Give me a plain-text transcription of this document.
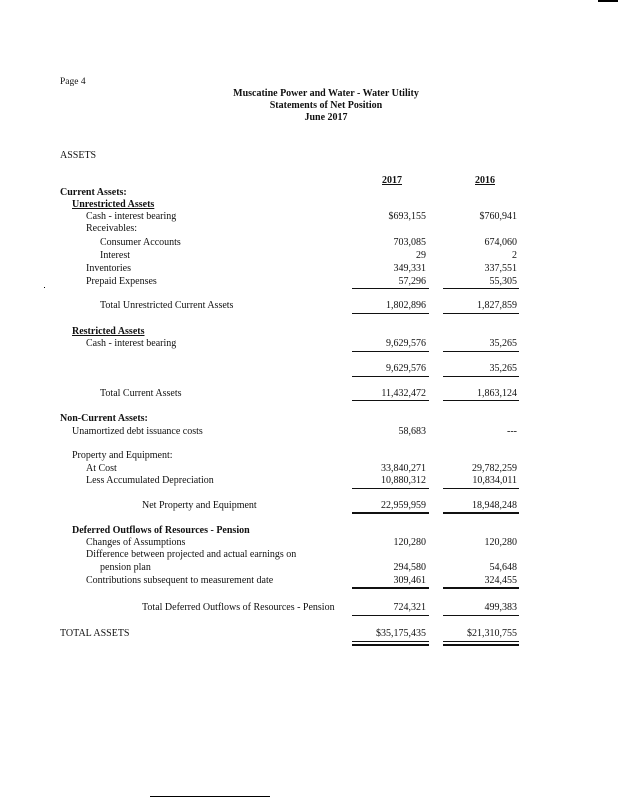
Page 4
Muscatine Power and Water - Water Utility
Statements of Net Position
June 2017
ASSETS
2017	2016
Current Assets:
Unrestricted Assets
Cash - interest bearing	$693,155	$760,941
Receivables:
Consumer Accounts	703,085	674,060
Interest	29	2
Inventories	349,331	337,551
Prepaid Expenses	57,296	55,305
Total Unrestricted Current Assets	1,802,896	1,827,859
Restricted Assets
Cash - interest bearing	9,629,576	35,265
9,629,576	35,265
Total Current Assets	11,432,472	1,863,124
Non-Current Assets:
Unamortized debt issuance costs	58,683	---
Property and Equipment:
At Cost	33,840,271	29,782,259
Less Accumulated Depreciation	10,880,312	10,834,011
Net Property and Equipment	22,959,959	18,948,248
Deferred Outflows of Resources - Pension
Changes of Assumptions	120,280	120,280
Difference between projected and actual earnings on
pension plan	294,580	54,648
Contributions subsequent to measurement date	309,461	324,455
Total Deferred Outflows of Resources - Pension	724,321	499,383
TOTAL ASSETS	$35,175,435	$21,310,755
